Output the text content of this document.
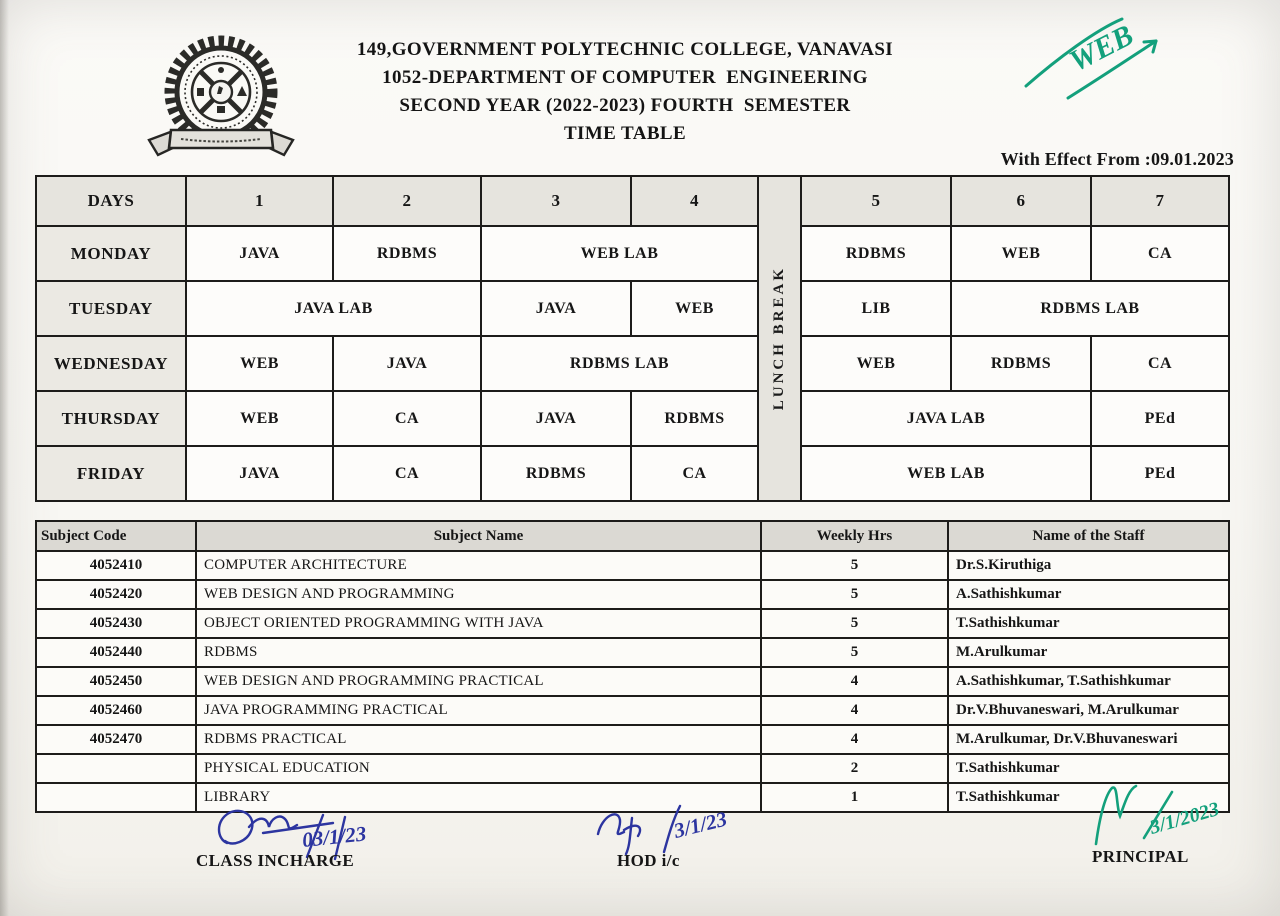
149,GOVERNMENT POLYTECHNIC COLLEGE, VANAVASI
1052-DEPARTMENT OF COMPUTER  ENGINEERING
SECOND YEAR (2022-2023) FOURTH  SEMESTER
TIME TABLE
WEB
With Effect From :09.01.2023
DAYS	1	2	3	4	LUNCH BREAK	5	6	7
MONDAY	JAVA	RDBMS	WEB LAB			RDBMS	WEB	CA
TUESDAY	JAVA LAB		JAVA	WEB		LIB	RDBMS LAB	
WEDNESDAY	WEB	JAVA	RDBMS LAB			WEB	RDBMS	CA
THURSDAY	WEB	CA	JAVA	RDBMS		JAVA LAB		PEd
FRIDAY	JAVA	CA	RDBMS	CA		WEB LAB		PEd
Subject Code	Subject Name	Weekly Hrs	Name of the Staff
4052410	COMPUTER ARCHITECTURE	5	Dr.S.Kiruthiga
4052420	WEB DESIGN AND PROGRAMMING	5	A.Sathishkumar
4052430	OBJECT ORIENTED PROGRAMMING WITH JAVA	5	T.Sathishkumar
4052440	RDBMS	5	M.Arulkumar
4052450	WEB DESIGN AND PROGRAMMING PRACTICAL	4	A.Sathishkumar, T.Sathishkumar
4052460	JAVA PROGRAMMING PRACTICAL	4	Dr.V.Bhuvaneswari, M.Arulkumar
4052470	RDBMS PRACTICAL	4	M.Arulkumar, Dr.V.Bhuvaneswari
	PHYSICAL EDUCATION	2	T.Sathishkumar
	LIBRARY	1	T.Sathishkumar
03/1/23
CLASS INCHARGE
3/1/23
HOD i/c
3/1/2023
PRINCIPAL
